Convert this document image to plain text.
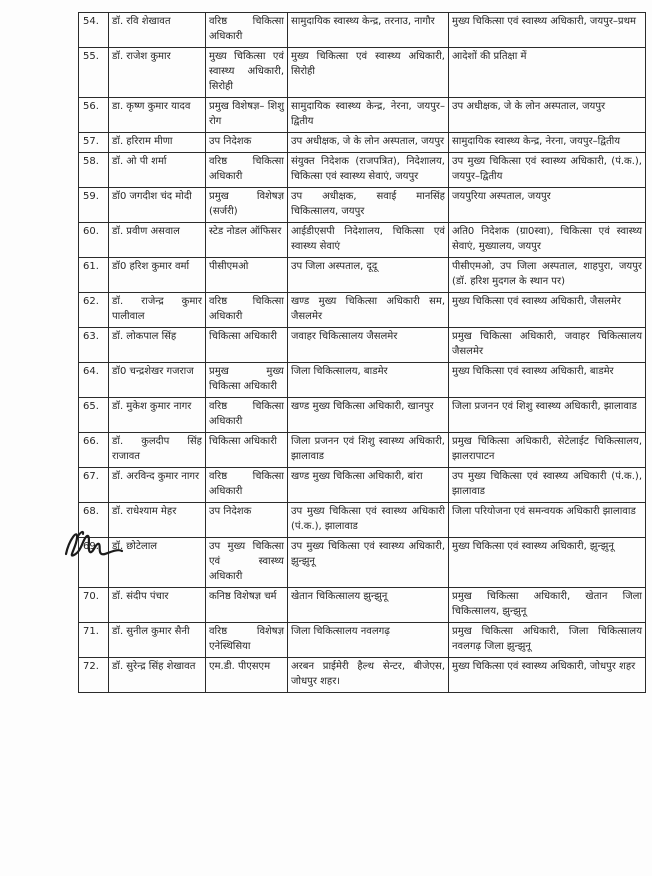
54.	डॉ. रवि शेखावत	वरिष्ठ चिकित्सा अधिकारी	सामुदायिक स्वास्थ्य केन्द्र, तरनाउ, नागौर	मुख्य चिकित्सा एवं स्वास्थ्य अधिकारी, जयपुर–प्रथम
55.	डॉ. राजेश कुमार	मुख्य चिकित्सा एवं स्वास्थ्य अधिकारी, सिरोही	मुख्य चिकित्सा एवं स्वास्थ्य अधिकारी, सिरोही	आदेशों की प्रतिक्षा में
56.	डा. कृष्ण कुमार यादव	प्रमुख विशेषज्ञ– शिशु रोग	सामुदायिक स्वास्थ्य केन्द्र, नेरना, जयपुर–द्वितीय	उप अधीक्षक, जे के लोन अस्पताल, जयपुर
57.	डॉ. हरिराम मीणा	उप निदेशक	उप अधीक्षक, जे के लोन अस्पताल, जयपुर	सामुदायिक स्वास्थ्य केन्द्र, नेरना, जयपुर–द्वितीय
58.	डॉ. ओ पी शर्मा	वरिष्ठ चिकित्सा अधिकारी	संयुक्त निदेशक (राजपत्रित), निदेशालय, चिकित्सा एवं स्वास्थ्य सेवाएं, जयपुर	उप मुख्य चिकित्सा एवं स्वास्थ्य अधिकारी, (पं.क.), जयपुर–द्वितीय
59.	डॉ0 जगदीश चंद मोदी	प्रमुख विशेषज्ञ (सर्जरी)	उप अधीक्षक, सवाई मानसिंह चिकित्सालय, जयपुर	जयपुरिया अस्पताल, जयपुर
60.	डॉ. प्रवीण असवाल	स्टेड नोडल ऑफिसर	आईडीएसपी निदेशालय, चिकित्सा एवं स्वास्थ्य सेवाएं	अति0 निदेशक (ग्रा0स्वा), चिकित्सा एवं स्वास्थ्य सेवाएं, मुख्यालय, जयपुर
61.	डॉ0 हरिश कुमार वर्मा	पीसीएमओ	उप जिला अस्पताल, दूदू	पीसीएमओ, उप जिला अस्पताल, शाहपुरा, जयपुर (डॉ. हरिश मुदगल के स्थान पर)
62.	डॉ. राजेन्द्र कुमार पालीवाल	वरिष्ठ चिकित्सा अधिकारी	खण्ड मुख्य चिकित्सा अधिकारी सम, जैसलमेर	मुख्य चिकित्सा एवं स्वास्थ्य अधिकारी, जैसलमेर
63.	डॉ. लोकपाल सिंह	चिकित्सा अधिकारी	जवाहर चिकित्सालय जैसलमेर	प्रमुख चिकित्सा अधिकारी, जवाहर चिकित्सालय जैसलमेर
64.	डॉ0 चन्द्रशेखर गजराज	प्रमुख मुख्य चिकित्सा अधिकारी	जिला चिकित्सालय, बाडमेर	मुख्य चिकित्सा एवं स्वास्थ्य अधिकारी, बाडमेर
65.	डॉ. मुकेश कुमार नागर	वरिष्ठ चिकित्सा अधिकारी	खण्ड मुख्य चिकित्सा अधिकारी, खानपुर	जिला प्रजनन एवं शिशु स्वास्थ्य अधिकारी, झालावाड
66.	डॉ. कुलदीप सिंह राजावत	चिकित्सा अधिकारी	जिला प्रजनन एवं शिशु स्वास्थ्य अधिकारी, झालावाड	प्रमुख चिकित्सा अधिकारी, सेटेलाईट चिकित्सालय, झालरापाटन
67.	डॉ. अरविन्द कुमार नागर	वरिष्ठ चिकित्सा अधिकारी	खण्ड मुख्य चिकित्सा अधिकारी, बांरा	उप मुख्य चिकित्सा एवं स्वास्थ्य अधिकारी (पं.क.), झालावाड
68.	डॉ. राधेश्याम मेहर	उप निदेशक	उप मुख्य चिकित्सा एवं स्वास्थ्य अधिकारी (पं.क.), झालावाड	जिला परियोजना एवं समन्वयक अधिकारी झालावाड
69.	डॉ. छोटेलाल	उप मुख्य चिकित्सा एवं स्वास्थ्य अधिकारी	उप मुख्य चिकित्सा एवं स्वास्थ्य अधिकारी, झुन्झुनू	मुख्य चिकित्सा एवं स्वास्थ्य अधिकारी, झुन्झुनू
70.	डॉ. संदीप पंचार	कनिष्ठ विशेषज्ञ चर्म	खेतान चिकित्सालय झुन्झुनू	प्रमुख चिकित्सा अधिकारी, खेतान जिला चिकित्सालय, झुन्झुनू
71.	डॉ. सुनील कुमार सैनी	वरिष्ठ विशेषज्ञ एनेस्थिसिया	जिला चिकित्सालय नवलगढ़	प्रमुख चिकित्सा अधिकारी, जिला चिकित्सालय नवलगढ़ जिला झुन्झुनू
72.	डॉ. सुरेन्द्र सिंह शेखावत	एम.डी. पीएसएम	अरबन प्राईमेरी हैल्थ सेन्टर, बीजेएस, जोधपुर शहर।	मुख्य चिकित्सा एवं स्वास्थ्य अधिकारी, जोधपुर शहर
